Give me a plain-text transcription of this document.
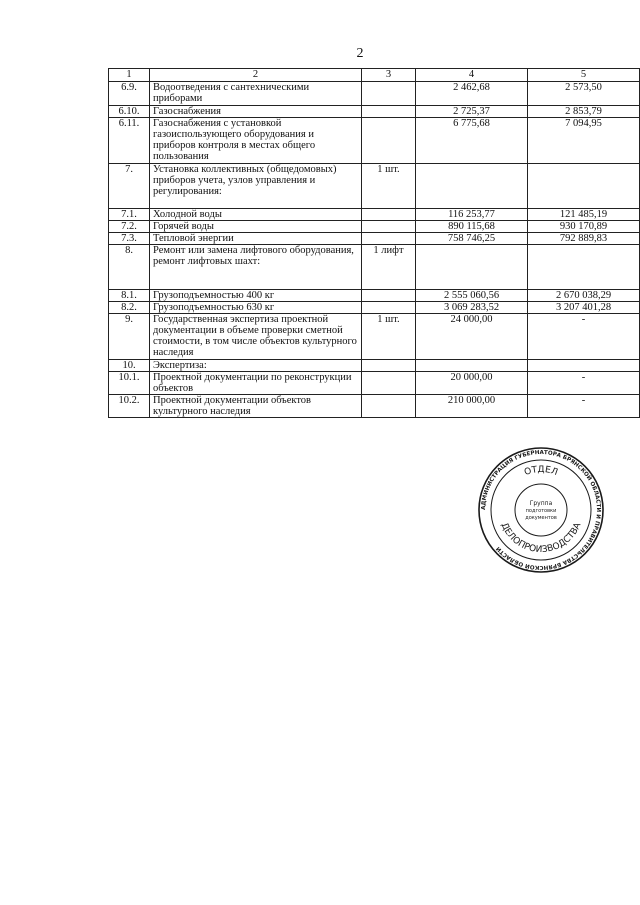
2
1	2	3	4	5
6.9.	Водоотведения с сантехническими приборами		2 462,68	2 573,50
6.10.	Газоснабжения		2 725,37	2 853,79
6.11.	Газоснабжения с установкой газоиспользующего оборудования и приборов контроля в местах общего пользования		6 775,68	7 094,95
7.	Установка коллективных (общедомовых) приборов учета, узлов управления и регулирования:	1 шт.		
7.1.	Холодной воды		116 253,77	121 485,19
7.2.	Горячей воды		890 115,68	930 170,89
7.3.	Тепловой энергии		758 746,25	792 889,83
8.	Ремонт или замена лифтового оборудования, ремонт лифтовых шахт:	1 лифт		
8.1.	Грузоподъемностью 400 кг		2 555 060,56	2 670 038,29
8.2.	Грузоподъемностью 630 кг		3 069 283,52	3 207 401,28
9.	Государственная экспертиза проектной документации в объеме проверки сметной стоимости, в том числе объектов культурного наследия	1 шт.	24 000,00	-
10.	Экспертиза:			
10.1.	Проектной документации по реконструкции объектов		20 000,00	-
10.2.	Проектной документации объектов культурного наследия		210 000,00	-
АДМИНИСТРАЦИЯ ГУБЕРНАТОРА БРЯНСКОЙ ОБЛАСТИ И ПРАВИТЕЛЬСТВА БРЯНСКОЙ ОБЛАСТИ
ОТДЕЛ
ДЕЛОПРОИЗВОДСТВА
Группа
подготовки
документов
